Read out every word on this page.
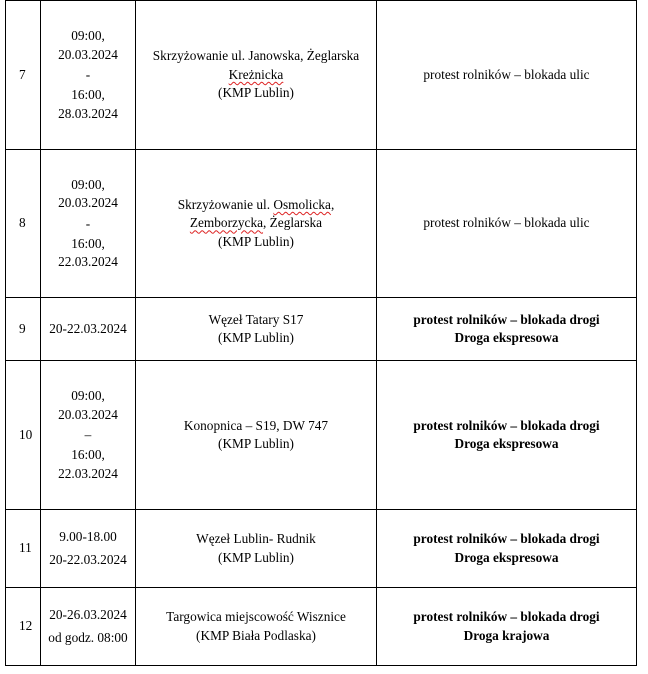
7	09:00,
20.03.2024
-
16:00,
28.03.2024	Skrzyżowanie ul. Janowska, Żeglarska
Kreżnicka
(KMP Lublin)	protest rolników – blokada ulic

8	09:00,
20.03.2024
-
16:00,
22.03.2024	Skrzyżowanie ul. Osmolicka,
Zemborzycka, Żeglarska
(KMP Lublin)	protest rolników – blokada ulic

9	20-22.03.2024	Węzeł Tatary S17
(KMP Lublin)	protest rolników – blokada drogi
Droga ekspresowa

10	09:00,
20.03.2024
–
16:00,
22.03.2024	Konopnica – S19, DW 747
(KMP Lublin)	protest rolników – blokada drogi
Droga ekspresowa

11	9.00-18.00
20-22.03.2024	Węzeł Lublin- Rudnik
(KMP Lublin)	protest rolników – blokada drogi
Droga ekspresowa

12	20-26.03.2024
od godz. 08:00	Targowica miejscowość Wisznice
(KMP Biała Podlaska)	protest rolników – blokada drogi
Droga krajowa
